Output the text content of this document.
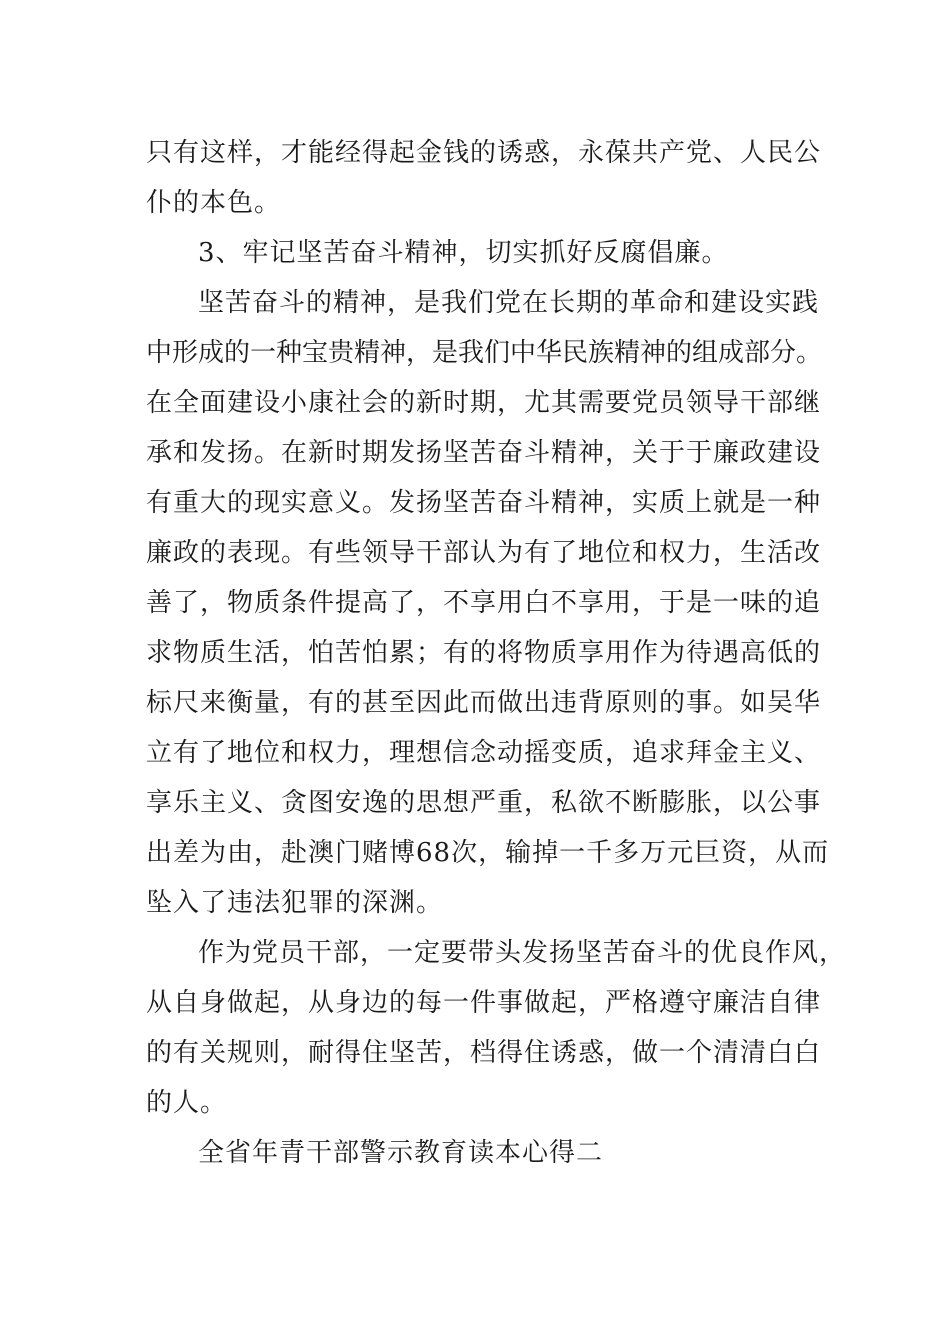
只有这样，才能经得起金钱的诱惑，永葆共产党、人民公
仆的本色。
3、牢记坚苦奋斗精神，切实抓好反腐倡廉。
坚苦奋斗的精神，是我们党在长期的革命和建设实践
中形成的一种宝贵精神，是我们中华民族精神的组成部分。
在全面建设小康社会的新时期，尤其需要党员领导干部继
承和发扬。在新时期发扬坚苦奋斗精神，关于于廉政建设
有重大的现实意义。发扬坚苦奋斗精神，实质上就是一种
廉政的表现。有些领导干部认为有了地位和权力，生活改
善了，物质条件提高了，不享用白不享用，于是一味的追
求物质生活，怕苦怕累；有的将物质享用作为待遇高低的
标尺来衡量，有的甚至因此而做出违背原则的事。如吴华
立有了地位和权力，理想信念动摇变质，追求拜金主义、
享乐主义、贪图安逸的思想严重，私欲不断膨胀，以公事
出差为由，赴澳门赌博68次，输掉一千多万元巨资，从而
坠入了违法犯罪的深渊。
作为党员干部，一定要带头发扬坚苦奋斗的优良作风，
从自身做起，从身边的每一件事做起，严格遵守廉洁自律
的有关规则，耐得住坚苦，档得住诱惑，做一个清清白白
的人。
全省年青干部警示教育读本心得二
